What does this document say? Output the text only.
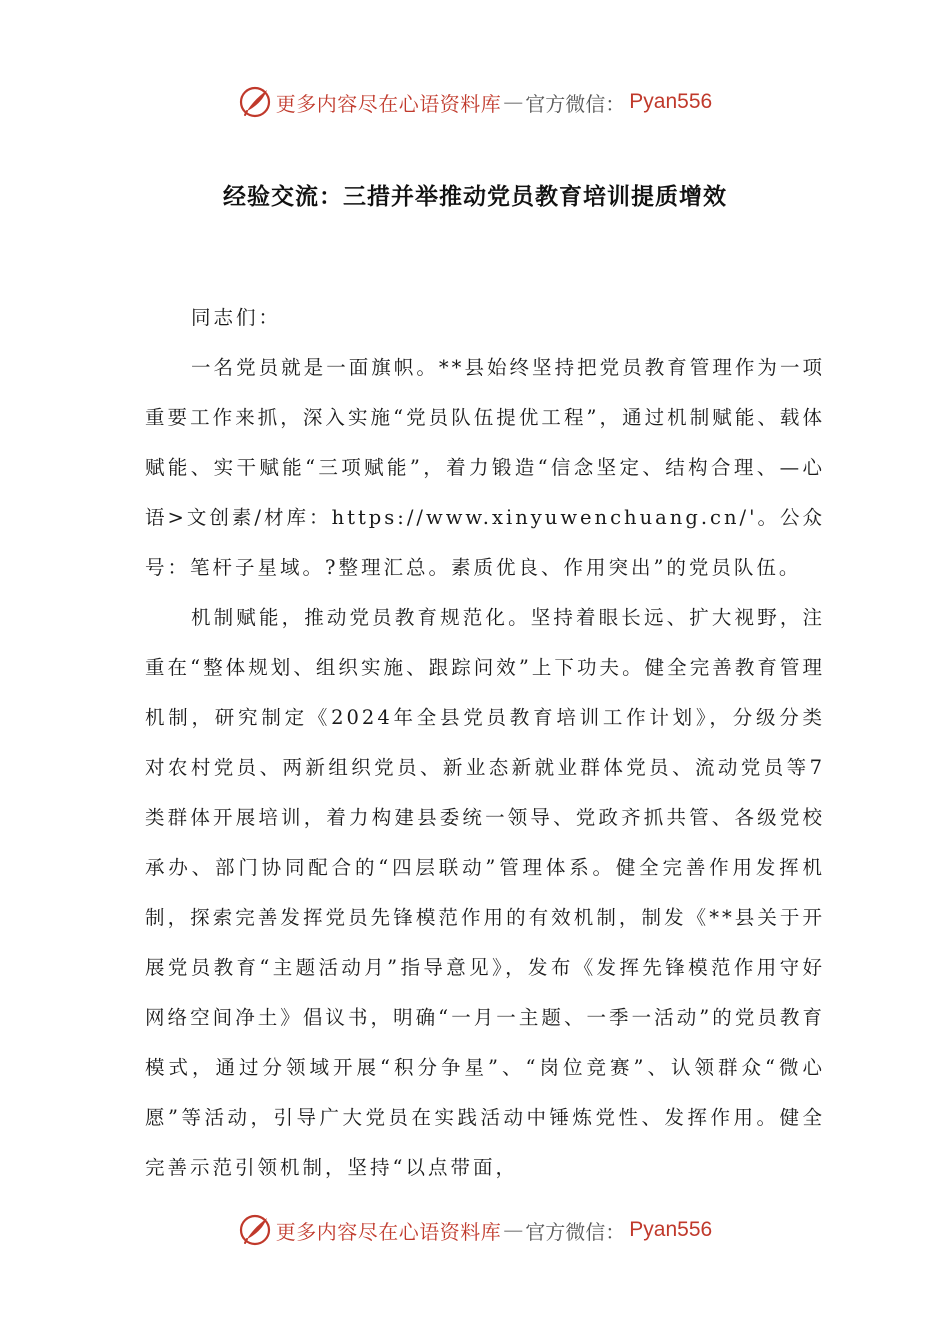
更多内容尽在心语资料库 — 官方微信： Pyan556
经验交流：三措并举推动党员教育培训提质增效

同志们：

一名党员就是一面旗帜。**县始终坚持把党员教育管理作为一项重要工作来抓，深入实施“党员队伍提优工程”，通过机制赋能、载体赋能、实干赋能“三项赋能”，着力锻造“信念坚定、结构合理、—心语>文创素/材库：https://www.xinyuwenchuang.cn/'。公众号：笔杆子星域。?整理汇总。素质优良、作用突出”的党员队伍。

机制赋能，推动党员教育规范化。坚持着眼长远、扩大视野，注重在“整体规划、组织实施、跟踪问效”上下功夫。健全完善教育管理机制，研究制定《2024年全县党员教育培训工作计划》，分级分类对农村党员、两新组织党员、新业态新就业群体党员、流动党员等7类群体开展培训，着力构建县委统一领导、党政齐抓共管、各级党校承办、部门协同配合的“四层联动”管理体系。健全完善作用发挥机制，探索完善发挥党员先锋模范作用的有效机制，制发《**县关于开展党员教育“主题活动月”指导意见》，发布《发挥先锋模范作用守好网络空间净土》倡议书，明确“一月一主题、一季一活动”的党员教育模式，通过分领域开展“积分争星”、“岗位竞赛”、认领群众“微心愿”等活动，引导广大党员在实践活动中锤炼党性、发挥作用。健全完善示范引领机制，坚持“以点带面，

更多内容尽在心语资料库 — 官方微信： Pyan556
